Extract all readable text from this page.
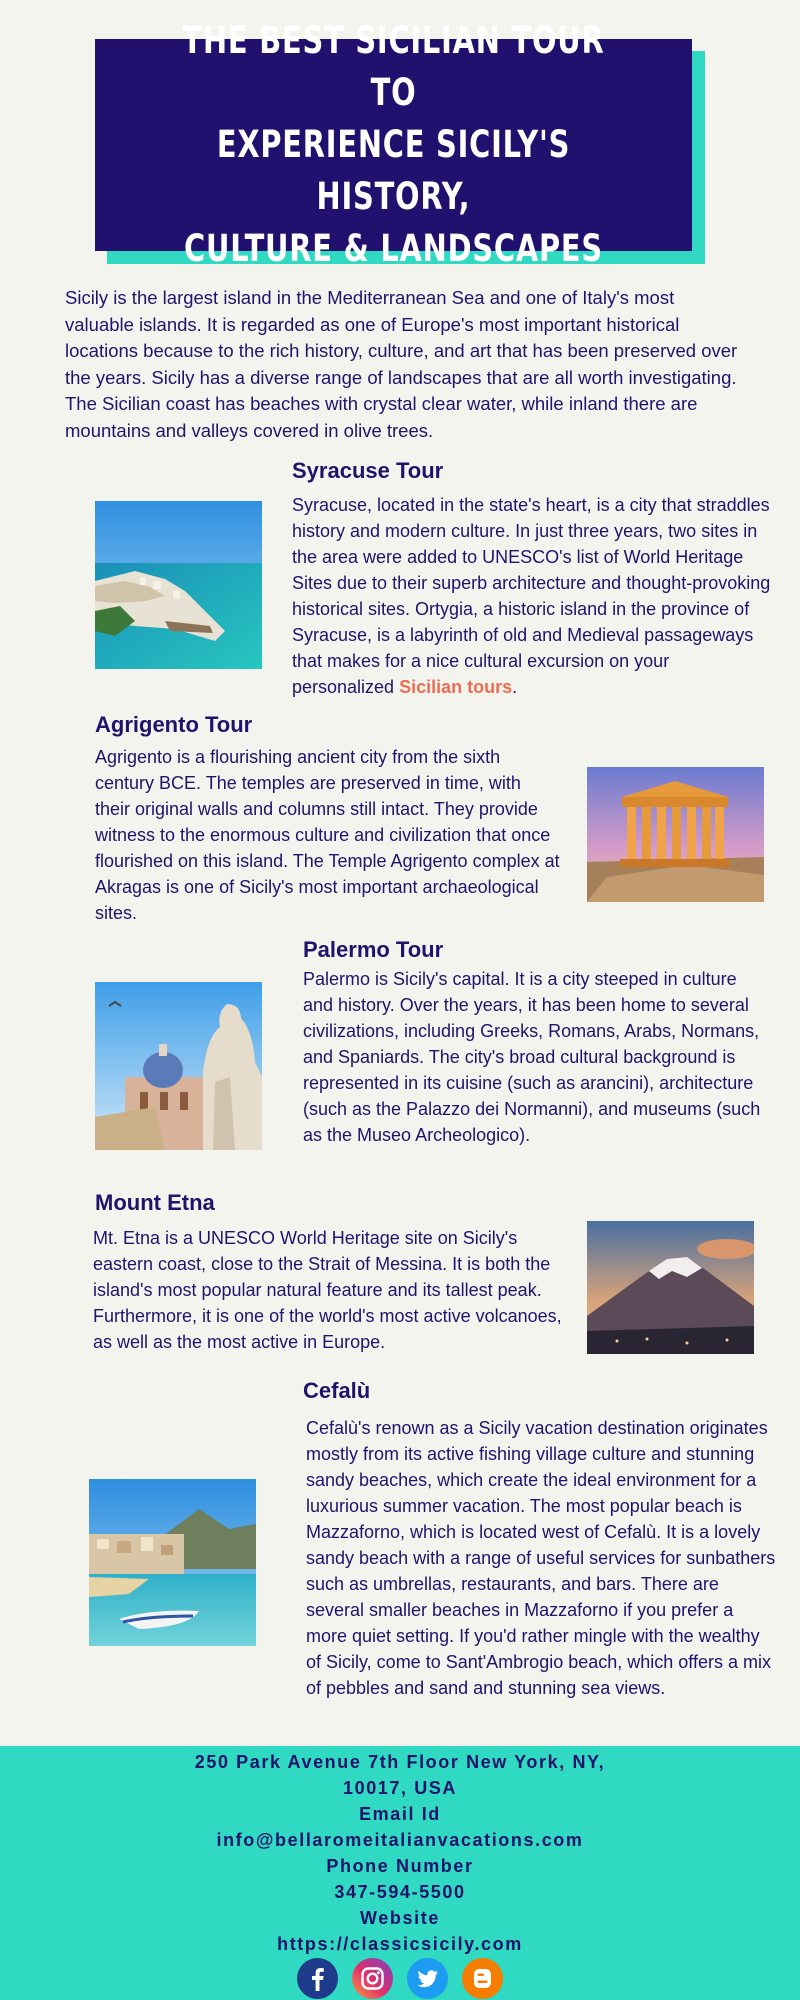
THE BEST SICILIAN TOUR TO
EXPERIENCE SICILY'S HISTORY,
CULTURE & LANDSCAPES

Sicily is the largest island in the Mediterranean Sea and one of Italy's most valuable islands. It is regarded as one of Europe's most important historical locations because to the rich history, culture, and art that has been preserved over the years. Sicily has a diverse range of landscapes that are all worth investigating. The Sicilian coast has beaches with crystal clear water, while inland there are mountains and valleys covered in olive trees.

Syracuse Tour

Syracuse, located in the state's heart, is a city that straddles history and modern culture. In just three years, two sites in the area were added to UNESCO's list of World Heritage Sites due to their superb architecture and thought-provoking historical sites. Ortygia, a historic island in the province of Syracuse, is a labyrinth of old and Medieval passageways that makes for a nice cultural excursion on your personalized Sicilian tours.

Agrigento Tour

Agrigento is a flourishing ancient city from the sixth century BCE. The temples are preserved in time, with their original walls and columns still intact. They provide witness to the enormous culture and civilization that once flourished on this island. The Temple Agrigento complex at Akragas is one of Sicily's most important archaeological sites.

Palermo Tour

Palermo is Sicily's capital. It is a city steeped in culture and history. Over the years, it has been home to several civilizations, including Greeks, Romans, Arabs, Normans, and Spaniards. The city's broad cultural background is represented in its cuisine (such as arancini), architecture (such as the Palazzo dei Normanni), and museums (such as the Museo Archeologico).

Mount Etna

Mt. Etna is a UNESCO World Heritage site on Sicily's eastern coast, close to the Strait of Messina. It is both the island's most popular natural feature and its tallest peak. Furthermore, it is one of the world's most active volcanoes, as well as the most active in Europe.

Cefalù

Cefalù's renown as a Sicily vacation destination originates mostly from its active fishing village culture and stunning sandy beaches, which create the ideal environment for a luxurious summer vacation. The most popular beach is Mazzaforno, which is located west of Cefalù. It is a lovely sandy beach with a range of useful services for sunbathers such as umbrellas, restaurants, and bars. There are several smaller beaches in Mazzaforno if you prefer a more quiet setting. If you'd rather mingle with the wealthy of Sicily, come to Sant'Ambrogio beach, which offers a mix of pebbles and sand and stunning sea views.

250 Park Avenue 7th Floor New York, NY,

10017, USA

Email Id

info@bellaromeitalianvacations.com

Phone Number

347-594-5500

Website

https://classicsicily.com
